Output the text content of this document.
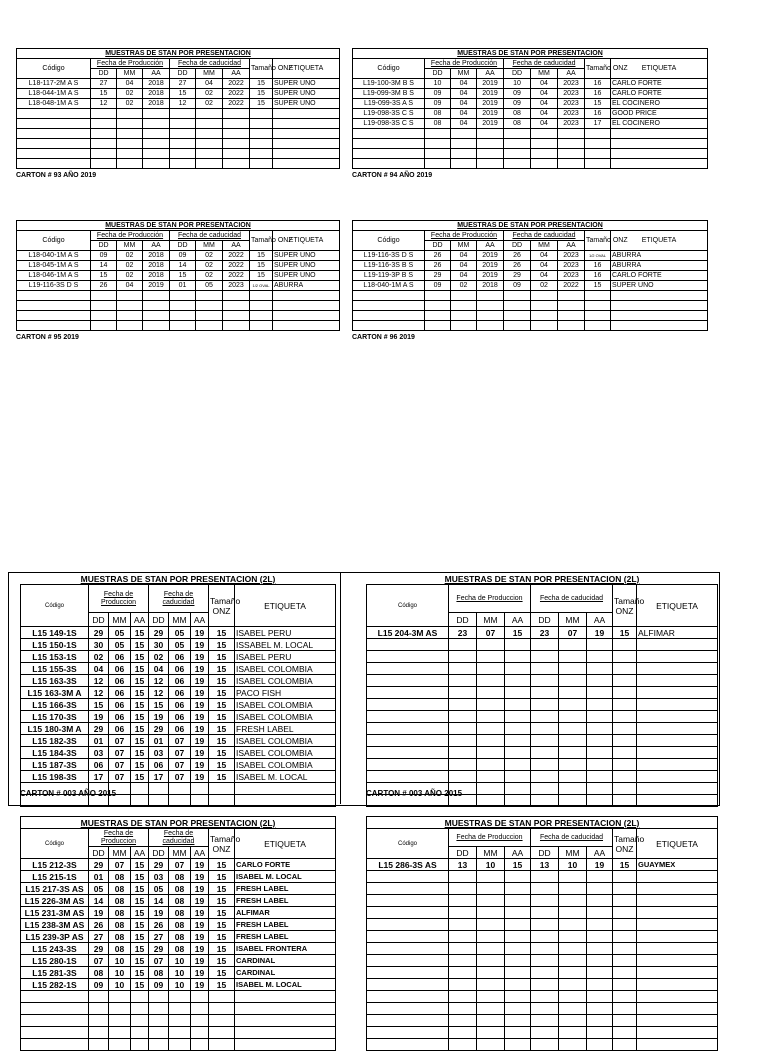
MUESTRAS DE STAN POR PRESENTACION								
Código	Fecha de Producción			Fecha de caducidad			Tamaño ONZ	ETIQUETA
	DD	MM	AA	DD	MM	AA		
L18-117-2M A S	27	04	2018	27	04	2022	15	SUPER UNO
L18-044-1M A S	15	02	2018	15	02	2022	15	SUPER UNO
L18-048-1M A S	12	02	2018	12	02	2022	15	SUPER UNO

CARTON # 93 AÑO 2019
MUESTRAS DE STAN POR PRESENTACION								
Código	Fecha de Producción			Fecha de caducidad			Tamaño ONZ	ETIQUETA
	DD	MM	AA	DD	MM	AA		
L19-100-3M B S	10	04	2019	10	04	2023	16	CARLO FORTE
L19-099-3M B S	09	04	2019	09	04	2023	16	CARLO FORTE
L19-099-3S A S	09	04	2019	09	04	2023	15	EL COCINERO
L19-098-3S C S	08	04	2019	08	04	2023	16	GOOD PRICE
L19-098-3S C S	08	04	2019	08	04	2023	17	EL COCINERO

CARTON # 94 AÑO 2019
MUESTRAS DE STAN POR PRESENTACION								
Código	Fecha de Producción			Fecha de caducidad			Tamaño ONZ	ETIQUETA
	DD	MM	AA	DD	MM	AA		
L18-040-1M A S	09	02	2018	09	02	2022	15	SUPER UNO
L18-045-1M A S	14	02	2018	14	02	2022	15	SUPER UNO
L18-046-1M A S	15	02	2018	15	02	2022	15	SUPER UNO
L19-116-3S D S	26	04	2019	01	05	2023	1/2 OVAL	ABURRA

CARTON # 95 2019
MUESTRAS DE STAN POR PRESENTACION								
Código	Fecha de Producción			Fecha de caducidad			Tamaño ONZ	ETIQUETA
	DD	MM	AA	DD	MM	AA		
L19-116-3S D S	26	04	2019	26	04	2023	1/2 OVAL	ABURRA
L19-116-3S B S	26	04	2019	26	04	2023	16	ABURRA
L19-119-3P B S	29	04	2019	29	04	2023	16	CARLO FORTE
L18-040-1M A S	09	02	2018	09	02	2022	15	SUPER UNO

CARTON # 96 2019
MUESTRAS DE STAN POR PRESENTACION (2L)								
Código	Fecha de Produccion			Fecha de caducidad			Tamaño ONZ	ETIQUETA
	DD	MM	AA	DD	MM	AA		
L15 149-1S	29	05	15	29	05	19	15	ISABEL PERU
L15 150-1S	30	05	15	30	05	19	15	ISSABEL M. LOCAL
L15 153-1S	02	06	15	02	06	19	15	ISABEL PERU
L15 155-3S	04	06	15	04	06	19	15	ISABEL COLOMBIA
L15 163-3S	12	06	15	12	06	19	15	ISABEL COLOMBIA
L15 163-3M A	12	06	15	12	06	19	15	PACO FISH
L15 166-3S	15	06	15	15	06	19	15	ISABEL COLOMBIA
L15 170-3S	19	06	15	19	06	19	15	ISABEL COLOMBIA
L15 180-3M A	29	06	15	29	06	19	15	FRESH LABEL
L15 182-3S	01	07	15	01	07	19	15	ISABEL COLOMBIA
L15 184-3S	03	07	15	03	07	19	15	ISABEL COLOMBIA
L15 187-3S	06	07	15	06	07	19	15	ISABEL COLOMBIA
L15 198-3S	17	07	15	17	07	19	15	ISABEL M. LOCAL

CARTON # 003 AÑO 2015
MUESTRAS DE STAN POR PRESENTACION (2L)								
Código	Fecha de Produccion			Fecha de caducidad			Tamaño ONZ	ETIQUETA
	DD	MM	AA	DD	MM	AA		
L15 204-3M AS	23	07	15	23	07	19	15	ALFIMAR

CARTON # 003 AÑO 2015
MUESTRAS DE STAN POR PRESENTACION (2L)								
Código	Fecha de Produccion			Fecha de caducidad			Tamaño ONZ	ETIQUETA
	DD	MM	AA	DD	MM	AA		
L15 212-3S	29	07	15	29	07	19	15	CARLO FORTE
L15 215-1S	01	08	15	03	08	19	15	ISABEL M. LOCAL
L15 217-3S AS	05	08	15	05	08	19	15	FRESH LABEL
L15 226-3M AS	14	08	15	14	08	19	15	FRESH LABEL
L15 231-3M AS	19	08	15	19	08	19	15	ALFIMAR
L15 238-3M AS	26	08	15	26	08	19	15	FRESH LABEL
L15 239-3P AS	27	08	15	27	08	19	15	FRESH LABEL
L15 243-3S	29	08	15	29	08	19	15	ISABEL FRONTERA
L15 280-1S	07	10	15	07	10	19	15	CARDINAL
L15 281-3S	08	10	15	08	10	19	15	CARDINAL
L15 282-1S	09	10	15	09	10	19	15	ISABEL M. LOCAL

MUESTRAS DE STAN POR PRESENTACION (2L)								
Código	Fecha de Produccion			Fecha de caducidad			Tamaño ONZ	ETIQUETA
	DD	MM	AA	DD	MM	AA		
L15 286-3S AS	13	10	15	13	10	19	15	GUAYMEX
